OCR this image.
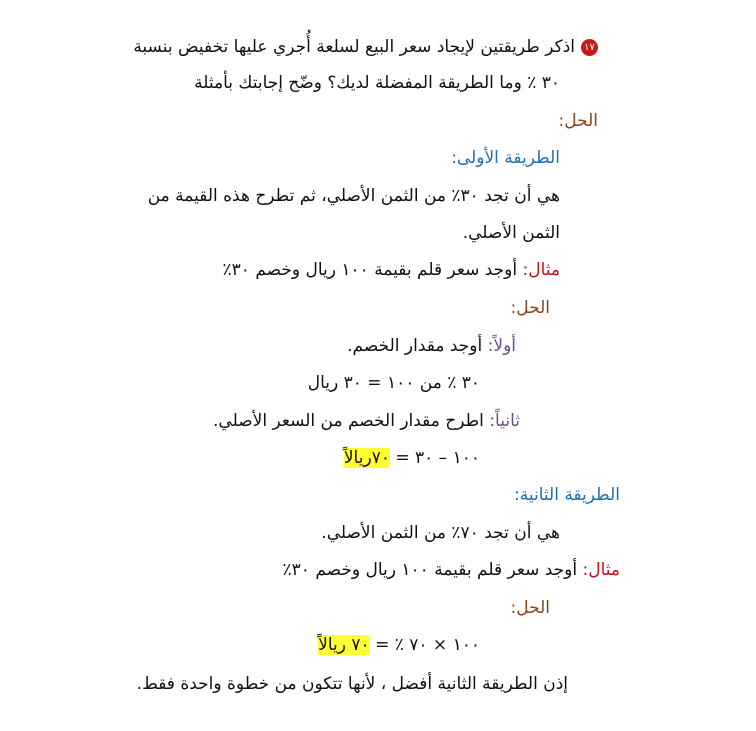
١٧اذكر طريقتين لإيجاد سعر البيع لسلعة أُجري عليها تخفيض بنسبة
٣٠ ٪ وما الطريقة المفضلة لديك؟ وضّح إجابتك بأمثلة
الحل:
الطريقة الأولى:
هي أن تجد ٣٠٪ من الثمن الأصلي، ثم تطرح هذه القيمة من
الثمن الأصلي.
مثال: أوجد سعر قلم بقيمة ١٠٠ ريال وخصم ٣٠٪
الحل:
أولاً: أوجد مقدار الخصم.
٣٠ ٪ من ١٠٠ = ٣٠ ريال
ثانياً: اطرح مقدار الخصم من السعر الأصلي.
١٠٠ – ٣٠ = ٧٠ريالاً
الطريقة الثانية:
هي أن تجد ٧٠٪ من الثمن الأصلي.
مثال: أوجد سعر قلم بقيمة ١٠٠ ريال وخصم ٣٠٪
الحل:
١٠٠ × ٧٠ ٪ = ٧٠ ريالاً
إذن الطريقة الثانية أفضل ، لأنها تتكون من خطوة واحدة فقط.
